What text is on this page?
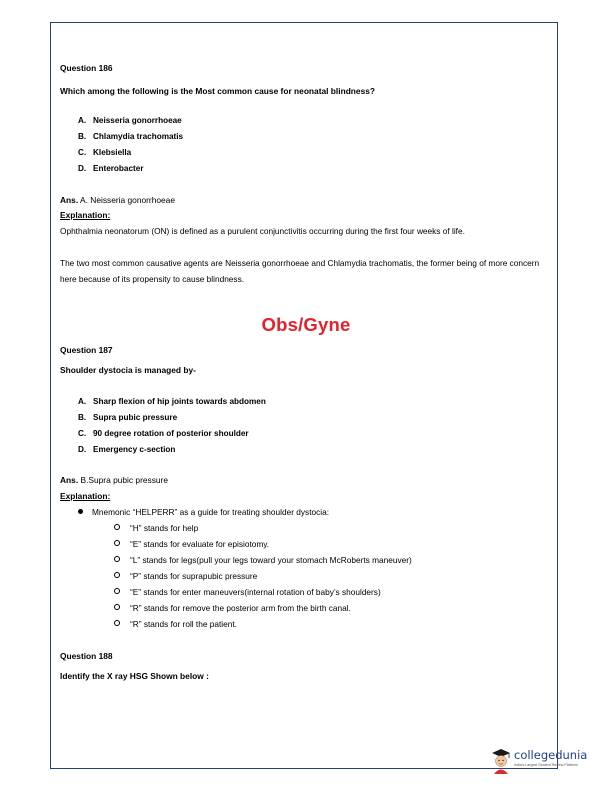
Question 186
Which among the following is the Most common cause for neonatal blindness?
A. Neisseria gonorrhoeae
B. Chlamydia trachomatis
C. Klebsiella
D. Enterobacter
Ans. A. Neisseria gonorrhoeae
Explanation:
Ophthalmia neonatorum (ON) is defined as a purulent conjunctivitis occurring during the first four weeks of life.
The two most common causative agents are Neisseria gonorrhoeae and Chlamydia trachomatis, the former being of more concern here because of its propensity to cause blindness.
Obs/Gyne
Question 187
Shoulder dystocia is managed by-
A. Sharp flexion of hip joints towards abdomen
B. Supra pubic pressure
C. 90 degree rotation of posterior shoulder
D. Emergency c-section
Ans. B.Supra pubic pressure
Explanation:
Mnemonic “HELPERR” as a guide for treating shoulder dystocia:
“H” stands for help
“E” stands for evaluate for episiotomy.
“L” stands for legs(pull your legs toward your stomach McRoberts maneuver)
“P” stands for suprapubic pressure
“E” stands for enter maneuvers(internal rotation of baby’s shoulders)
“R” stands for remove the posterior arm from the birth canal.
“R” stands for roll the patient.
Question 188
Identify the X ray HSG Shown below :
collegedunia
India's Largest Student Review Platform
